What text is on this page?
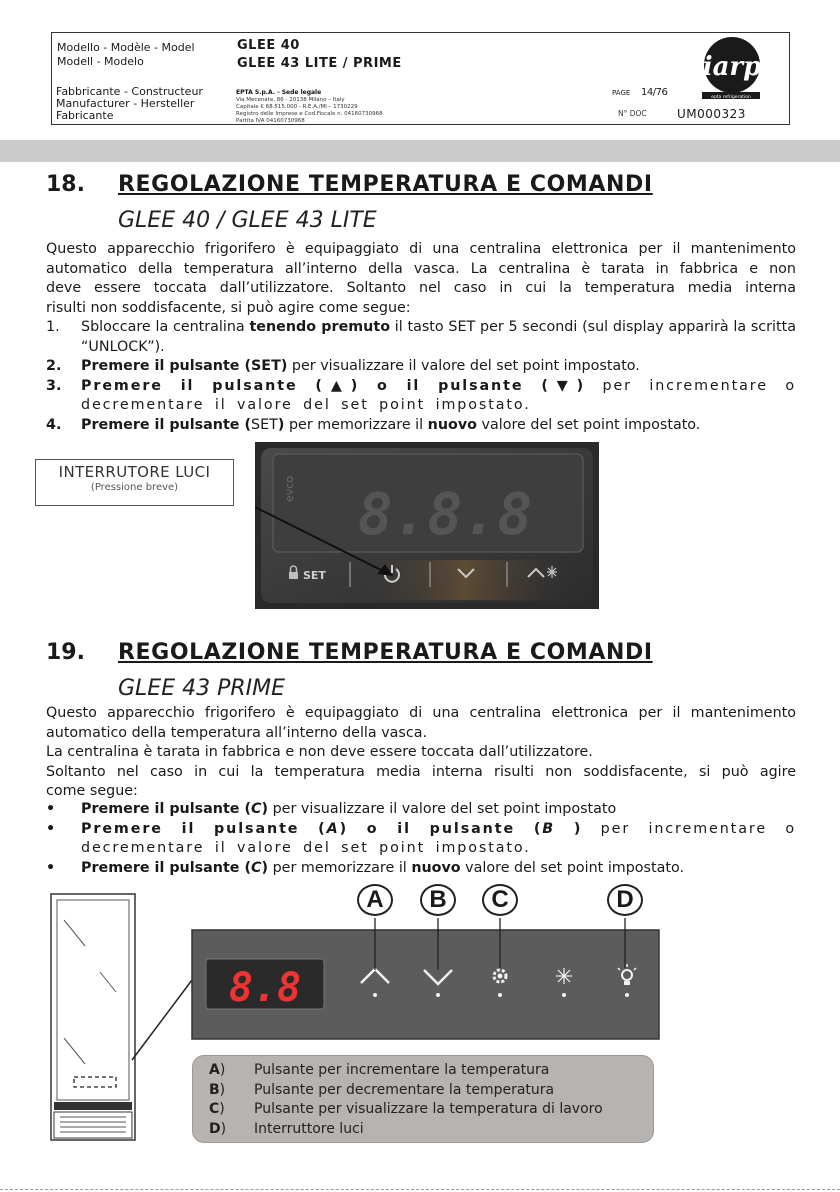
Modello - Modèle - Model
Modell - Modelo
GLEE 40
GLEE 43 LITE / PRIME	iarp
epta refrigeration
Fabbricante - Constructeur
Manufacturer - Hersteller
Fabricante
EPTA S.p.A. - Sede legale
Via Mecenate, 86 - 20138 Milano – Italy
Capitale € 68.515.000 - R.E.A./MI – 1730229
Registro delle Imprese e Cod.Fiscale n. 04160730968
Partita IVA 04160730968
PAGE	14/76
N° DOC	UM000323
18. REGOLAZIONE TEMPERATURA E COMANDI
GLEE 40 / GLEE 43 LITE
Questo apparecchio frigorifero è equipaggiato di una centralina elettronica per il mantenimento
automatico della temperatura all’interno della vasca. La centralina è tarata in fabbrica e non
deve essere toccata dall’utilizzatore. Soltanto nel caso in cui la temperatura media interna
risulti non soddisfacente, si può agire come segue:
1. Sbloccare la centralina tenendo premuto il tasto SET per 5 secondi (sul display apparirà la scritta “UNLOCK”).
2. Premere il pulsante (SET) per visualizzare il valore del set point impostato.
3. Premere il pulsante (▲) o il pulsante (▼) per incrementare o decrementare il valore del set point impostato.
4. Premere il pulsante (SET) per memorizzare il nuovo valore del set point impostato.
evco 8.8.8
SET
INTERRUTORE LUCI
(Pressione breve)
19. REGOLAZIONE TEMPERATURA E COMANDI
GLEE 43 PRIME
Questo apparecchio frigorifero è equipaggiato di una centralina elettronica per il mantenimento
automatico della temperatura all’interno della vasca.
La centralina è tarata in fabbrica e non deve essere toccata dall’utilizzatore.
Soltanto nel caso in cui la temperatura media interna risulti non soddisfacente, si può agire
come segue:
• Premere il pulsante (C) per visualizzare il valore del set point impostato
• Premere il pulsante (A) o il pulsante (B ) per incrementare o decrementare il valore del set point impostato.
• Premere il pulsante (C) per memorizzare il nuovo valore del set point impostato.
8.8
A	B	C	D
A) Pulsante per incrementare la temperatura
B) Pulsante per decrementare la temperatura
C) Pulsante per visualizzare la temperatura di lavoro
D) Interruttore luci
